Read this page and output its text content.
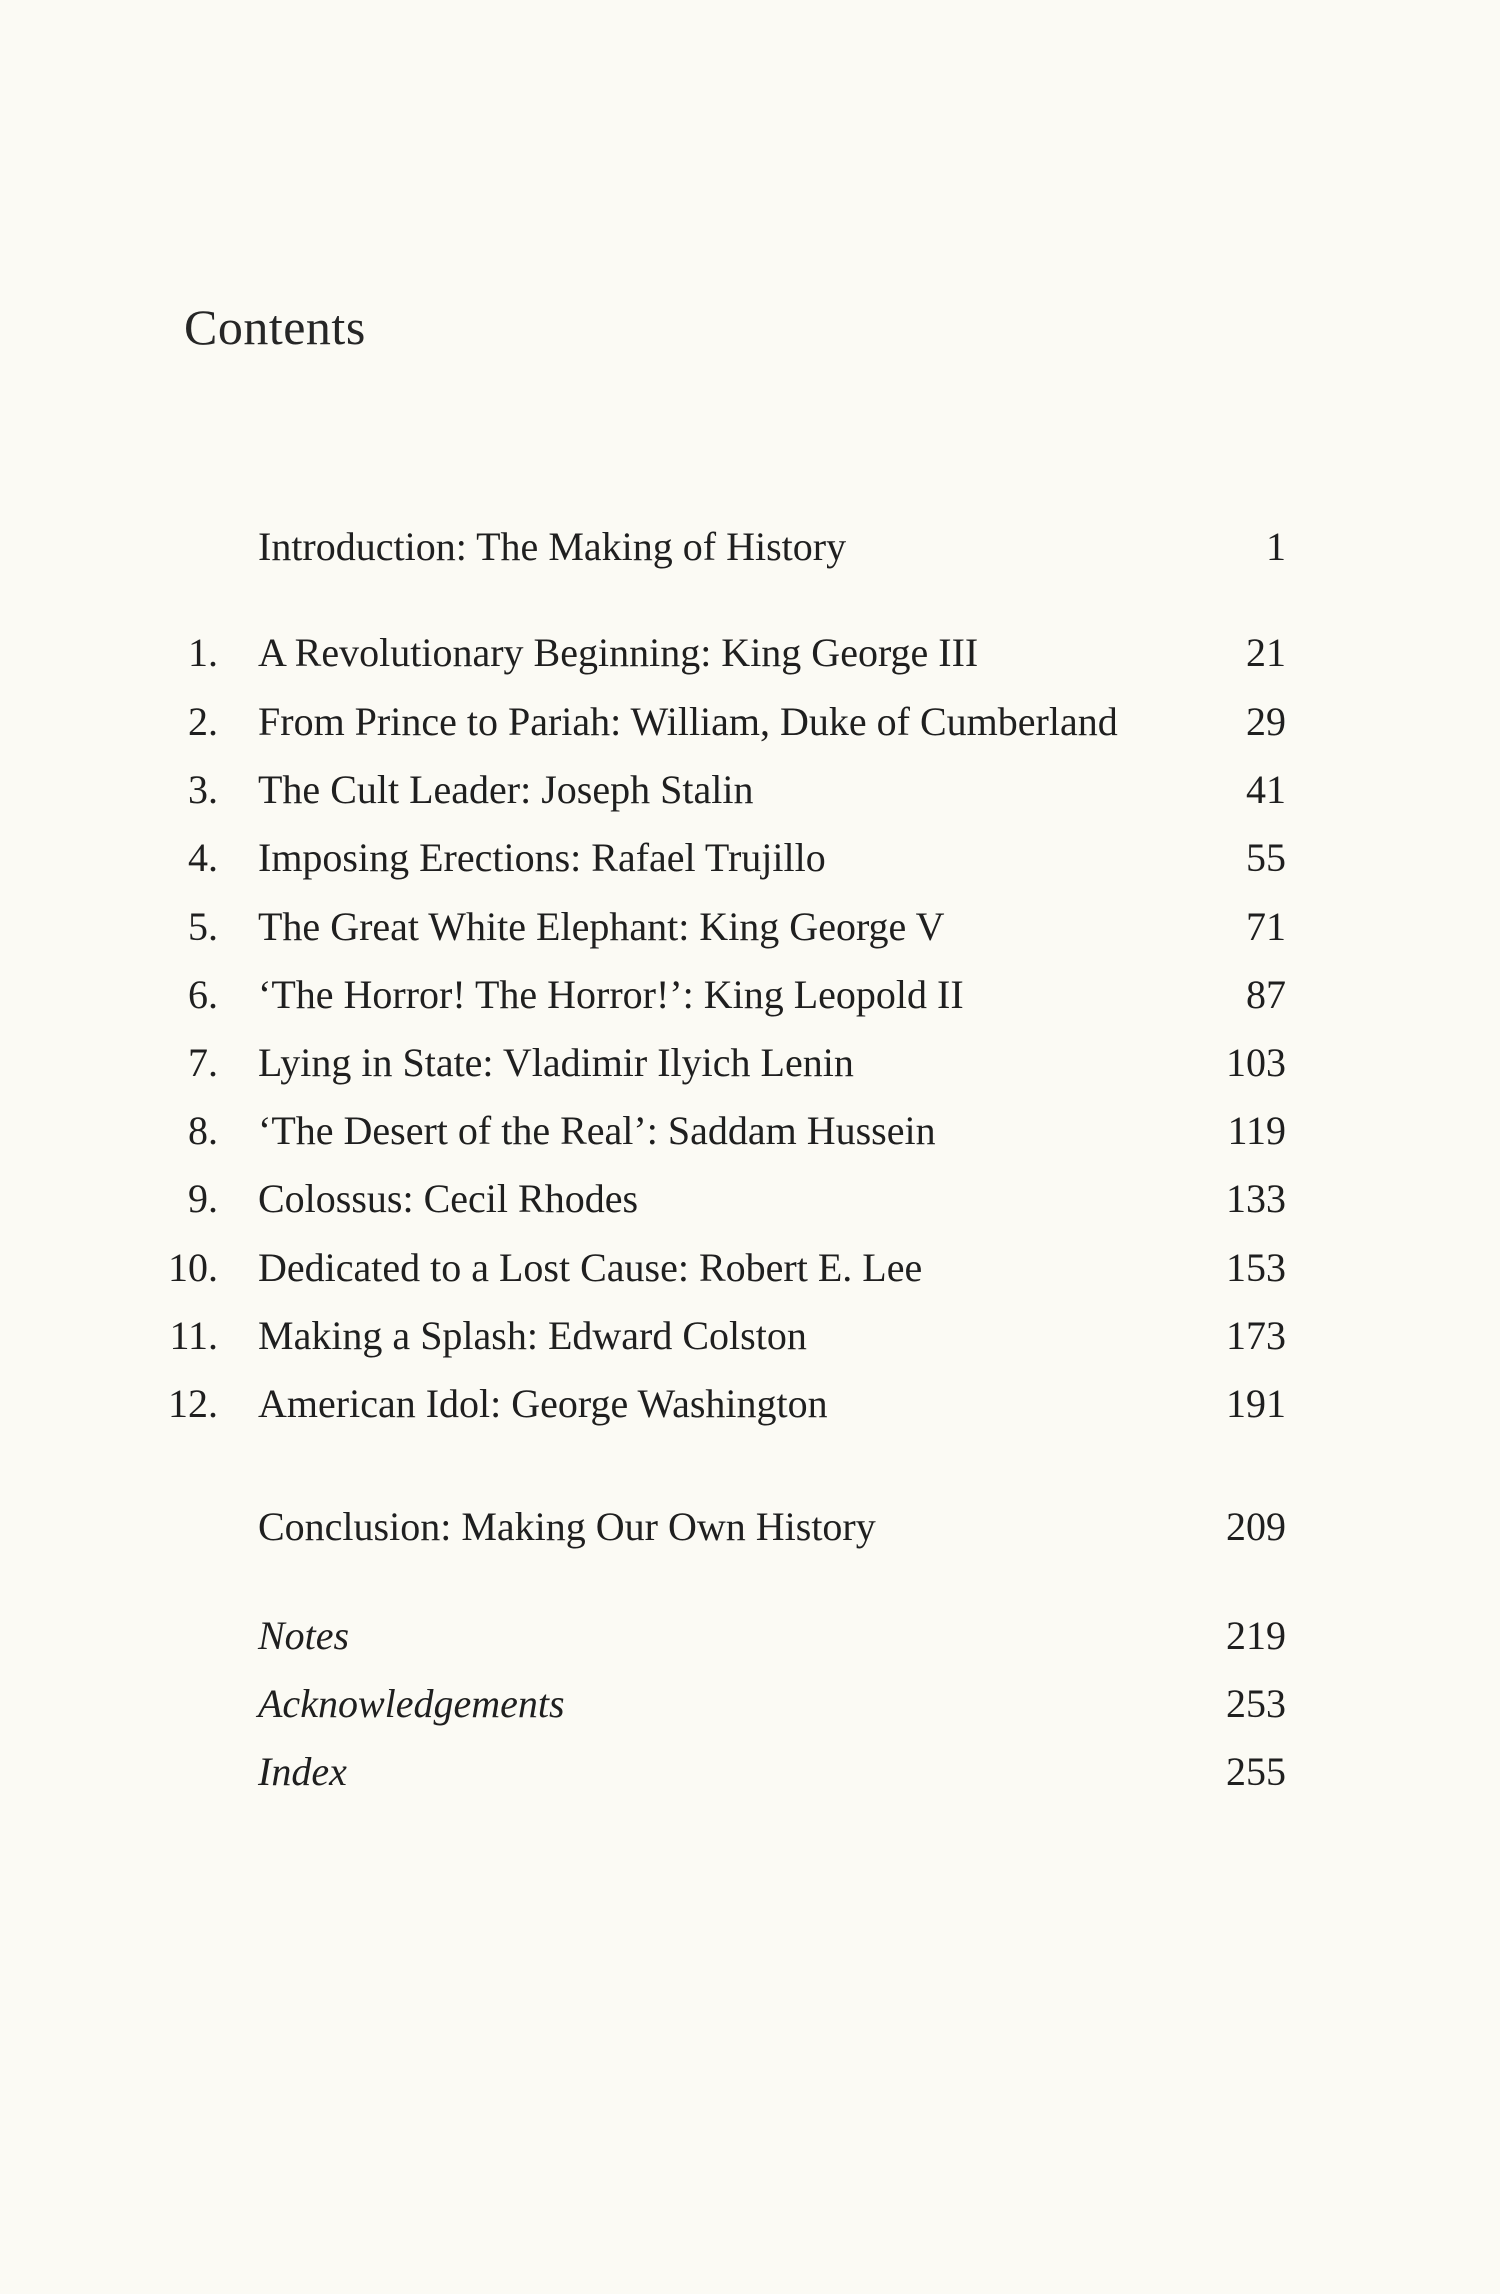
Contents
Introduction: The Making of History	1
1. A Revolutionary Beginning: King George III	21
2. From Prince to Pariah: William, Duke of Cumberland	29
3. The Cult Leader: Joseph Stalin	41
4. Imposing Erections: Rafael Trujillo	55
5. The Great White Elephant: King George V	71
6. ‘The Horror! The Horror!’: King Leopold II	87
7. Lying in State: Vladimir Ilyich Lenin	103
8. ‘The Desert of the Real’: Saddam Hussein	119
9. Colossus: Cecil Rhodes	133
10. Dedicated to a Lost Cause: Robert E. Lee	153
11. Making a Splash: Edward Colston	173
12. American Idol: George Washington	191
Conclusion: Making Our Own History	209
Notes	219
Acknowledgements	253
Index	255
